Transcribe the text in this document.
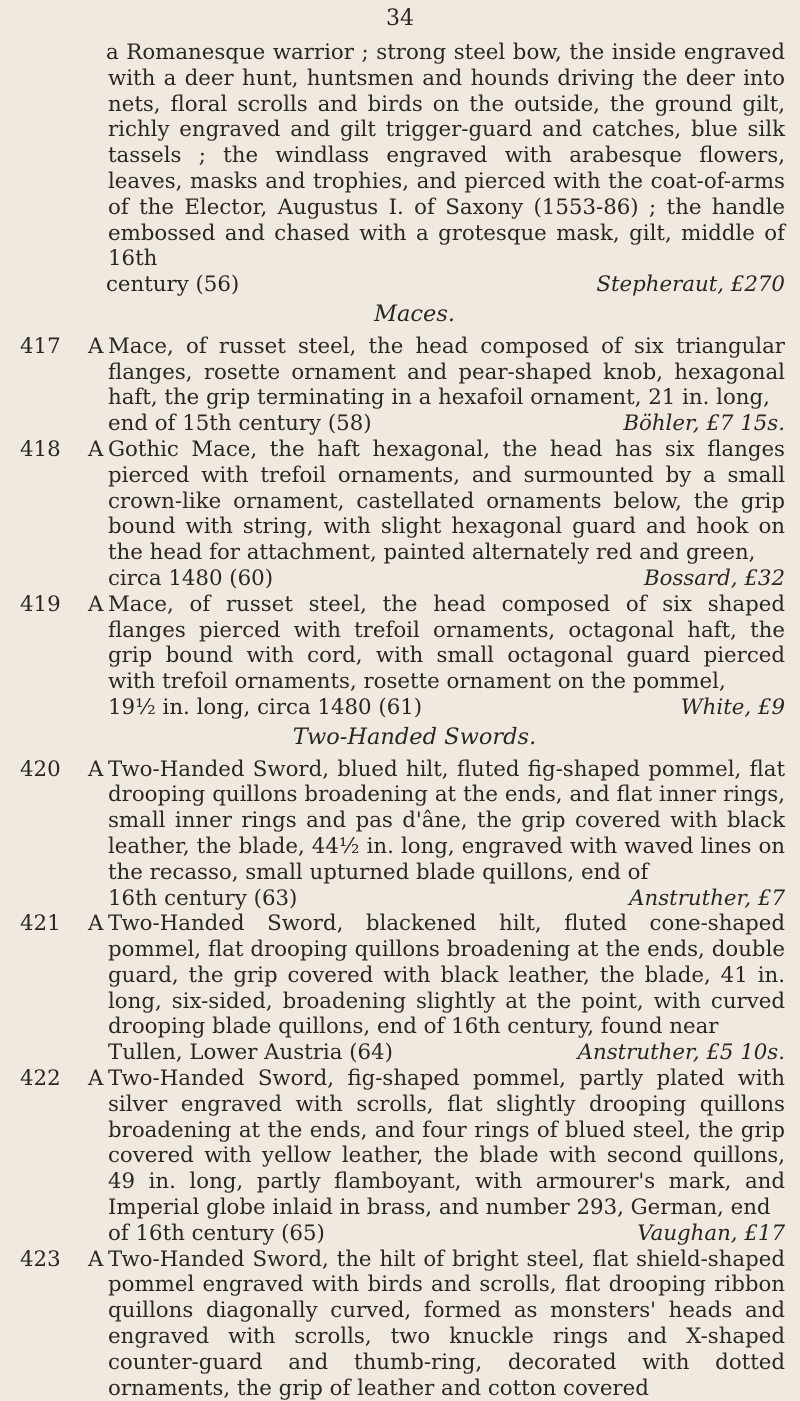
34
a Romanesque warrior ; strong steel bow, the inside engraved with a deer hunt, huntsmen and hounds driving the deer into nets, floral scrolls and birds on the outside, the ground gilt, richly engraved and gilt trigger-guard and catches, blue silk tassels ; the windlass engraved with arabesque flowers, leaves, masks and trophies, and pierced with the coat-of-arms of the Elector, Augustus I. of Saxony (1553-86) ; the handle embossed and chased with a grotesque mask, gilt, middle of 16th
century (56)	Stepheraut, £270
Maces.
417	A Mace, of russet steel, the head composed of six triangular flanges, rosette ornament and pear-shaped knob, hexagonal haft, the grip terminating in a hexafoil ornament, 21 in. long,
end of 15th century (58)	Böhler, £7 15s.
418	A Gothic Mace, the haft hexagonal, the head has six flanges pierced with trefoil ornaments, and surmounted by a small crown-like ornament, castellated ornaments below, the grip bound with string, with slight hexagonal guard and hook on the head for attachment, painted alternately red and green,
circa 1480 (60)	Bossard, £32
419	A Mace, of russet steel, the head composed of six shaped flanges pierced with trefoil ornaments, octagonal haft, the grip bound with cord, with small octagonal guard pierced with trefoil ornaments, rosette ornament on the pommel,
19½ in. long, circa 1480 (61)	White, £9
Two-Handed Swords.
420	A Two-Handed Sword, blued hilt, fluted fig-shaped pommel, flat drooping quillons broadening at the ends, and flat inner rings, small inner rings and pas d'âne, the grip covered with black leather, the blade, 44½ in. long, engraved with waved lines on the recasso, small upturned blade quillons, end of
16th century (63)	Anstruther, £7
421	A Two-Handed Sword, blackened hilt, fluted cone-shaped pommel, flat drooping quillons broadening at the ends, double guard, the grip covered with black leather, the blade, 41 in. long, six-sided, broadening slightly at the point, with curved drooping blade quillons, end of 16th century, found near
Tullen, Lower Austria (64)	Anstruther, £5 10s.
422	A Two-Handed Sword, fig-shaped pommel, partly plated with silver engraved with scrolls, flat slightly drooping quillons broadening at the ends, and four rings of blued steel, the grip covered with yellow leather, the blade with second quillons, 49 in. long, partly flamboyant, with armourer's mark, and Imperial globe inlaid in brass, and number 293, German, end
of 16th century (65)	Vaughan, £17
423	A Two-Handed Sword, the hilt of bright steel, flat shield-shaped pommel engraved with birds and scrolls, flat drooping ribbon quillons diagonally curved, formed as monsters' heads and engraved with scrolls, two knuckle rings and X-shaped counter-guard and thumb-ring, decorated with dotted ornaments, the grip of leather and cotton covered
